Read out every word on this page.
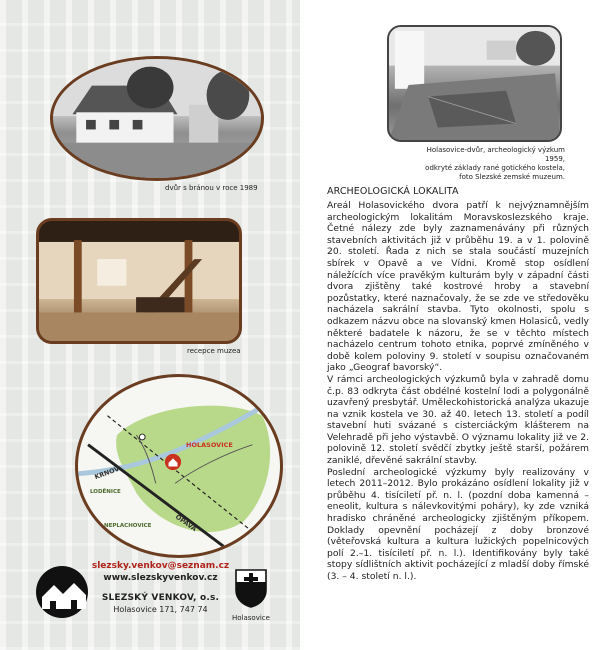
dvůr s bránou v roce 1989
recepce muzea
Holasovice-dvůr, archeologický výzkum 1959,
odkryté základy rané gotického kostela,
foto Slezské zemské muzeum.
HOLASOVICE
KRNOV
LODĚNICE
NEPLACHOVICE	OPAVA
slezsky.venkov@seznam.cz
www.slezskyvenkov.cz
SLEZSKÝ VENKOV, o.s.
Holasovice 171, 747 74
Holasovice
ARCHEOLOGICKÁ LOKALITA

Areál Holasovického dvora patří k nejvýznamnějším archeologickým lokalitám Moravskoslezského kraje. Četné nálezy zde byly zaznamenávány při různých stavebních aktivitách již v průběhu 19. a v 1. polovině 20. století. Řada z nich se stala součástí muzejních sbírek v Opavě a ve Vídni. Kromě stop osídlení náležících více pravěkým kulturám byly v západní části dvora zjištěny také kostrové hroby a stavební pozůstatky, které naznačovaly, že se zde ve středověku nacházela sakrální stavba. Tyto okolnosti, spolu s odkazem názvu obce na slovanský kmen Holasiců, vedly některé badatele k názoru, že se v těchto místech nacházelo centrum tohoto etnika, poprvé zmíněného v době kolem poloviny 9. století v soupisu označovaném jako „Geograf bavorský“.

V rámci archeologických výzkumů byla v zahradě domu č.p. 83 odkryta část obdélné kostelní lodi a polygonálně uzavřený presbytář. Uměleckohistorická analýza ukazuje na vznik kostela ve 30. až 40. letech 13. století a podíl stavební huti svázané s cisterciáckým klášterem na Velehradě při jeho výstavbě. O významu lokality již ve 2. polovině 12. století svědčí zbytky ještě starší, požárem zaniklé, dřevěné sakrální stavby.

Poslední archeologické výzkumy byly realizovány v letech 2011–2012. Bylo prokázáno osídlení lokality již v průběhu 4. tisíciletí př. n. l. (pozdní doba kamenná – eneolit, kultura s nálevkovitými poháry), ky zde vzniká hradisko chráněné archeologicky zjištěným příkopem. Doklady opevnění pocházejí z doby bronzové (věteřovská kultura a kultura lužických popelnicových polí 2.–1. tisíciletí př. n. l.). Identifikovány byly také stopy sídlištních aktivit pocházející z mladší doby římské (3. – 4. století n. l.).
